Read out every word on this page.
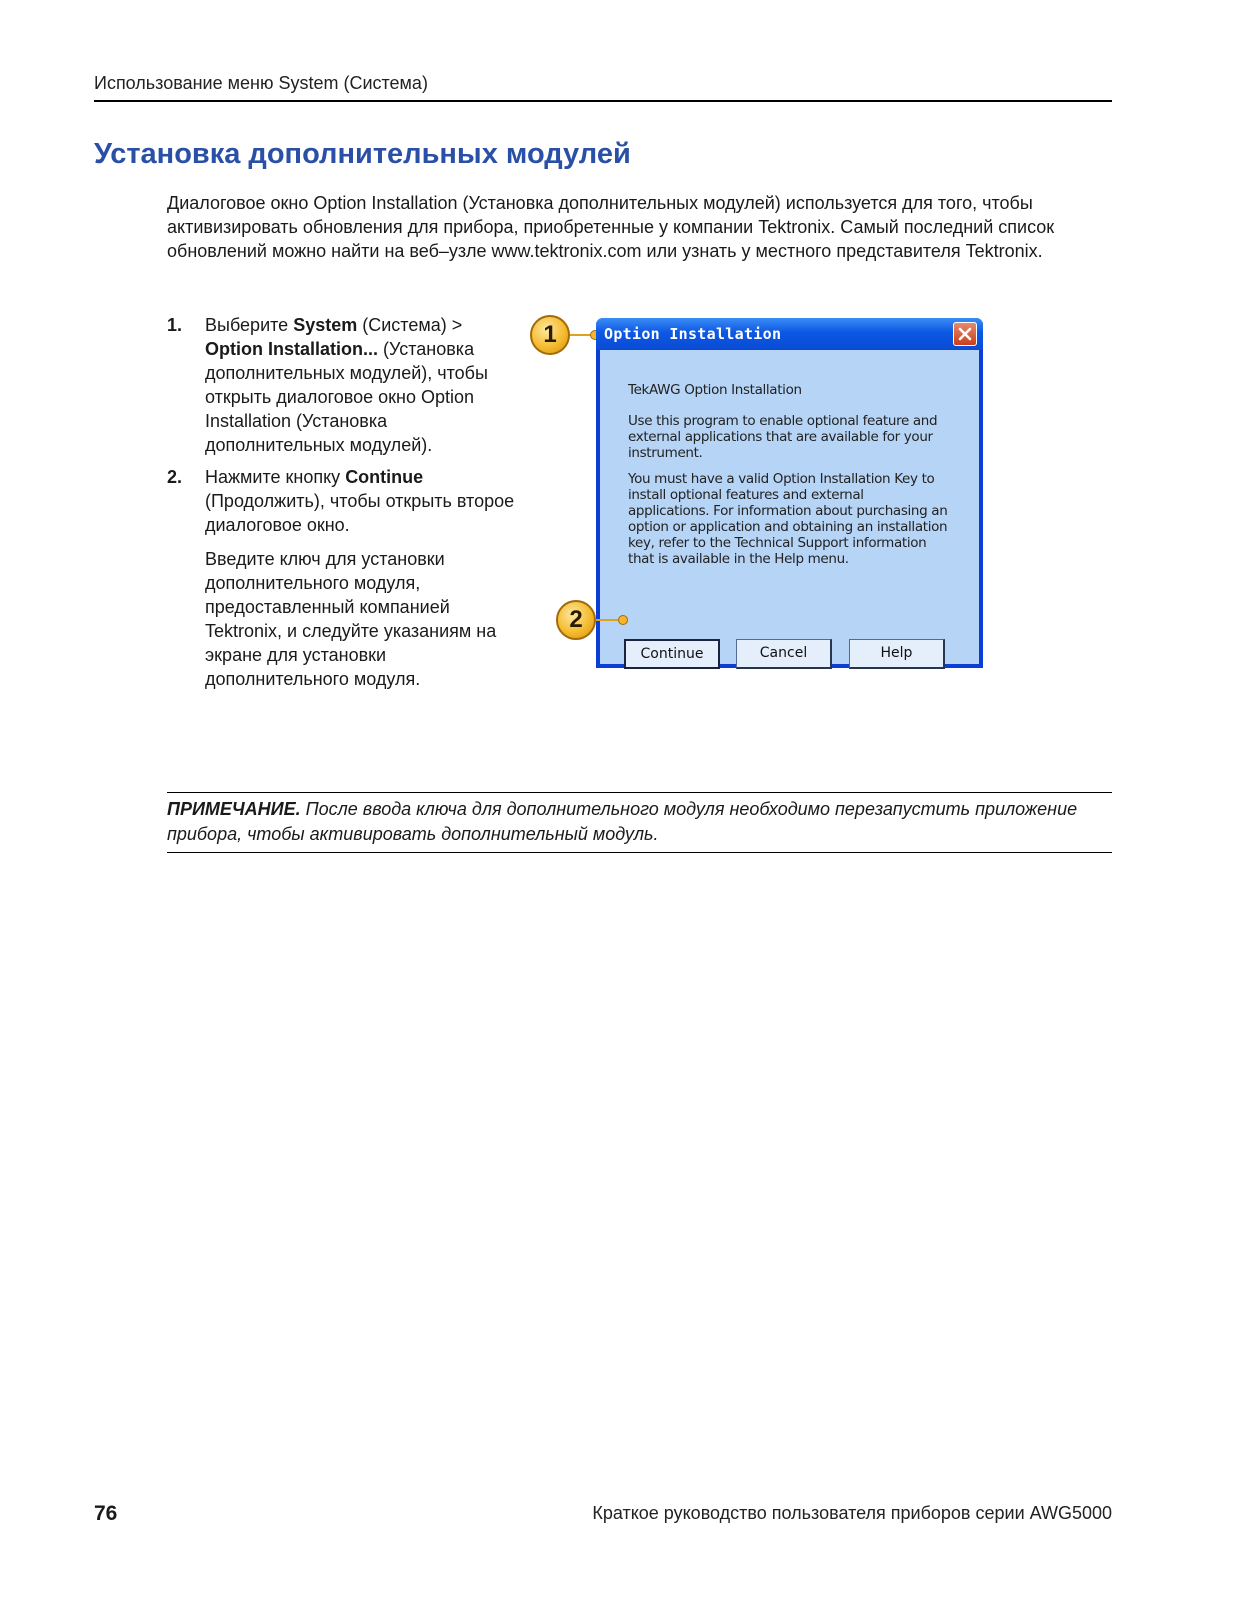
Использование меню System (Система)
Установка дополнительных модулей

Диалоговое окно Option Installation (Установка дополнительных модулей) используется для того, чтобы активизировать обновления для прибора, приобретенные у компании Tektronix. Самый последний список обновлений можно найти на веб–узле www.tektronix.com или узнать у местного представителя Tektronix.

1. Выберите System (Система) > Option Installation... (Установка дополнительных модулей), чтобы открыть диалоговое окно Option Installation (Установка дополнительных модулей).
2. Нажмите кнопку Continue (Продолжить), чтобы открыть второе диалоговое окно.

Введите ключ для установки дополнительного модуля, предоставленный компанией Tektronix, и следуйте указаниям на экране для установки дополнительного модуля.

1	Option Installation

TekAWG Option Installation

Use this program to enable optional feature and external applications that are available for your instrument.

You must have a valid Option Installation Key to install optional features and external applications. For information about purchasing an option or application and obtaining an installation key, refer to the Technical Support information that is available in the Help menu.

Continue	Cancel	Help
2

ПРИМЕЧАНИЕ. После ввода ключа для дополнительного модуля необходимо перезапустить приложение прибора, чтобы активировать дополнительный модуль.

76	Краткое руководство пользователя приборов серии AWG5000
